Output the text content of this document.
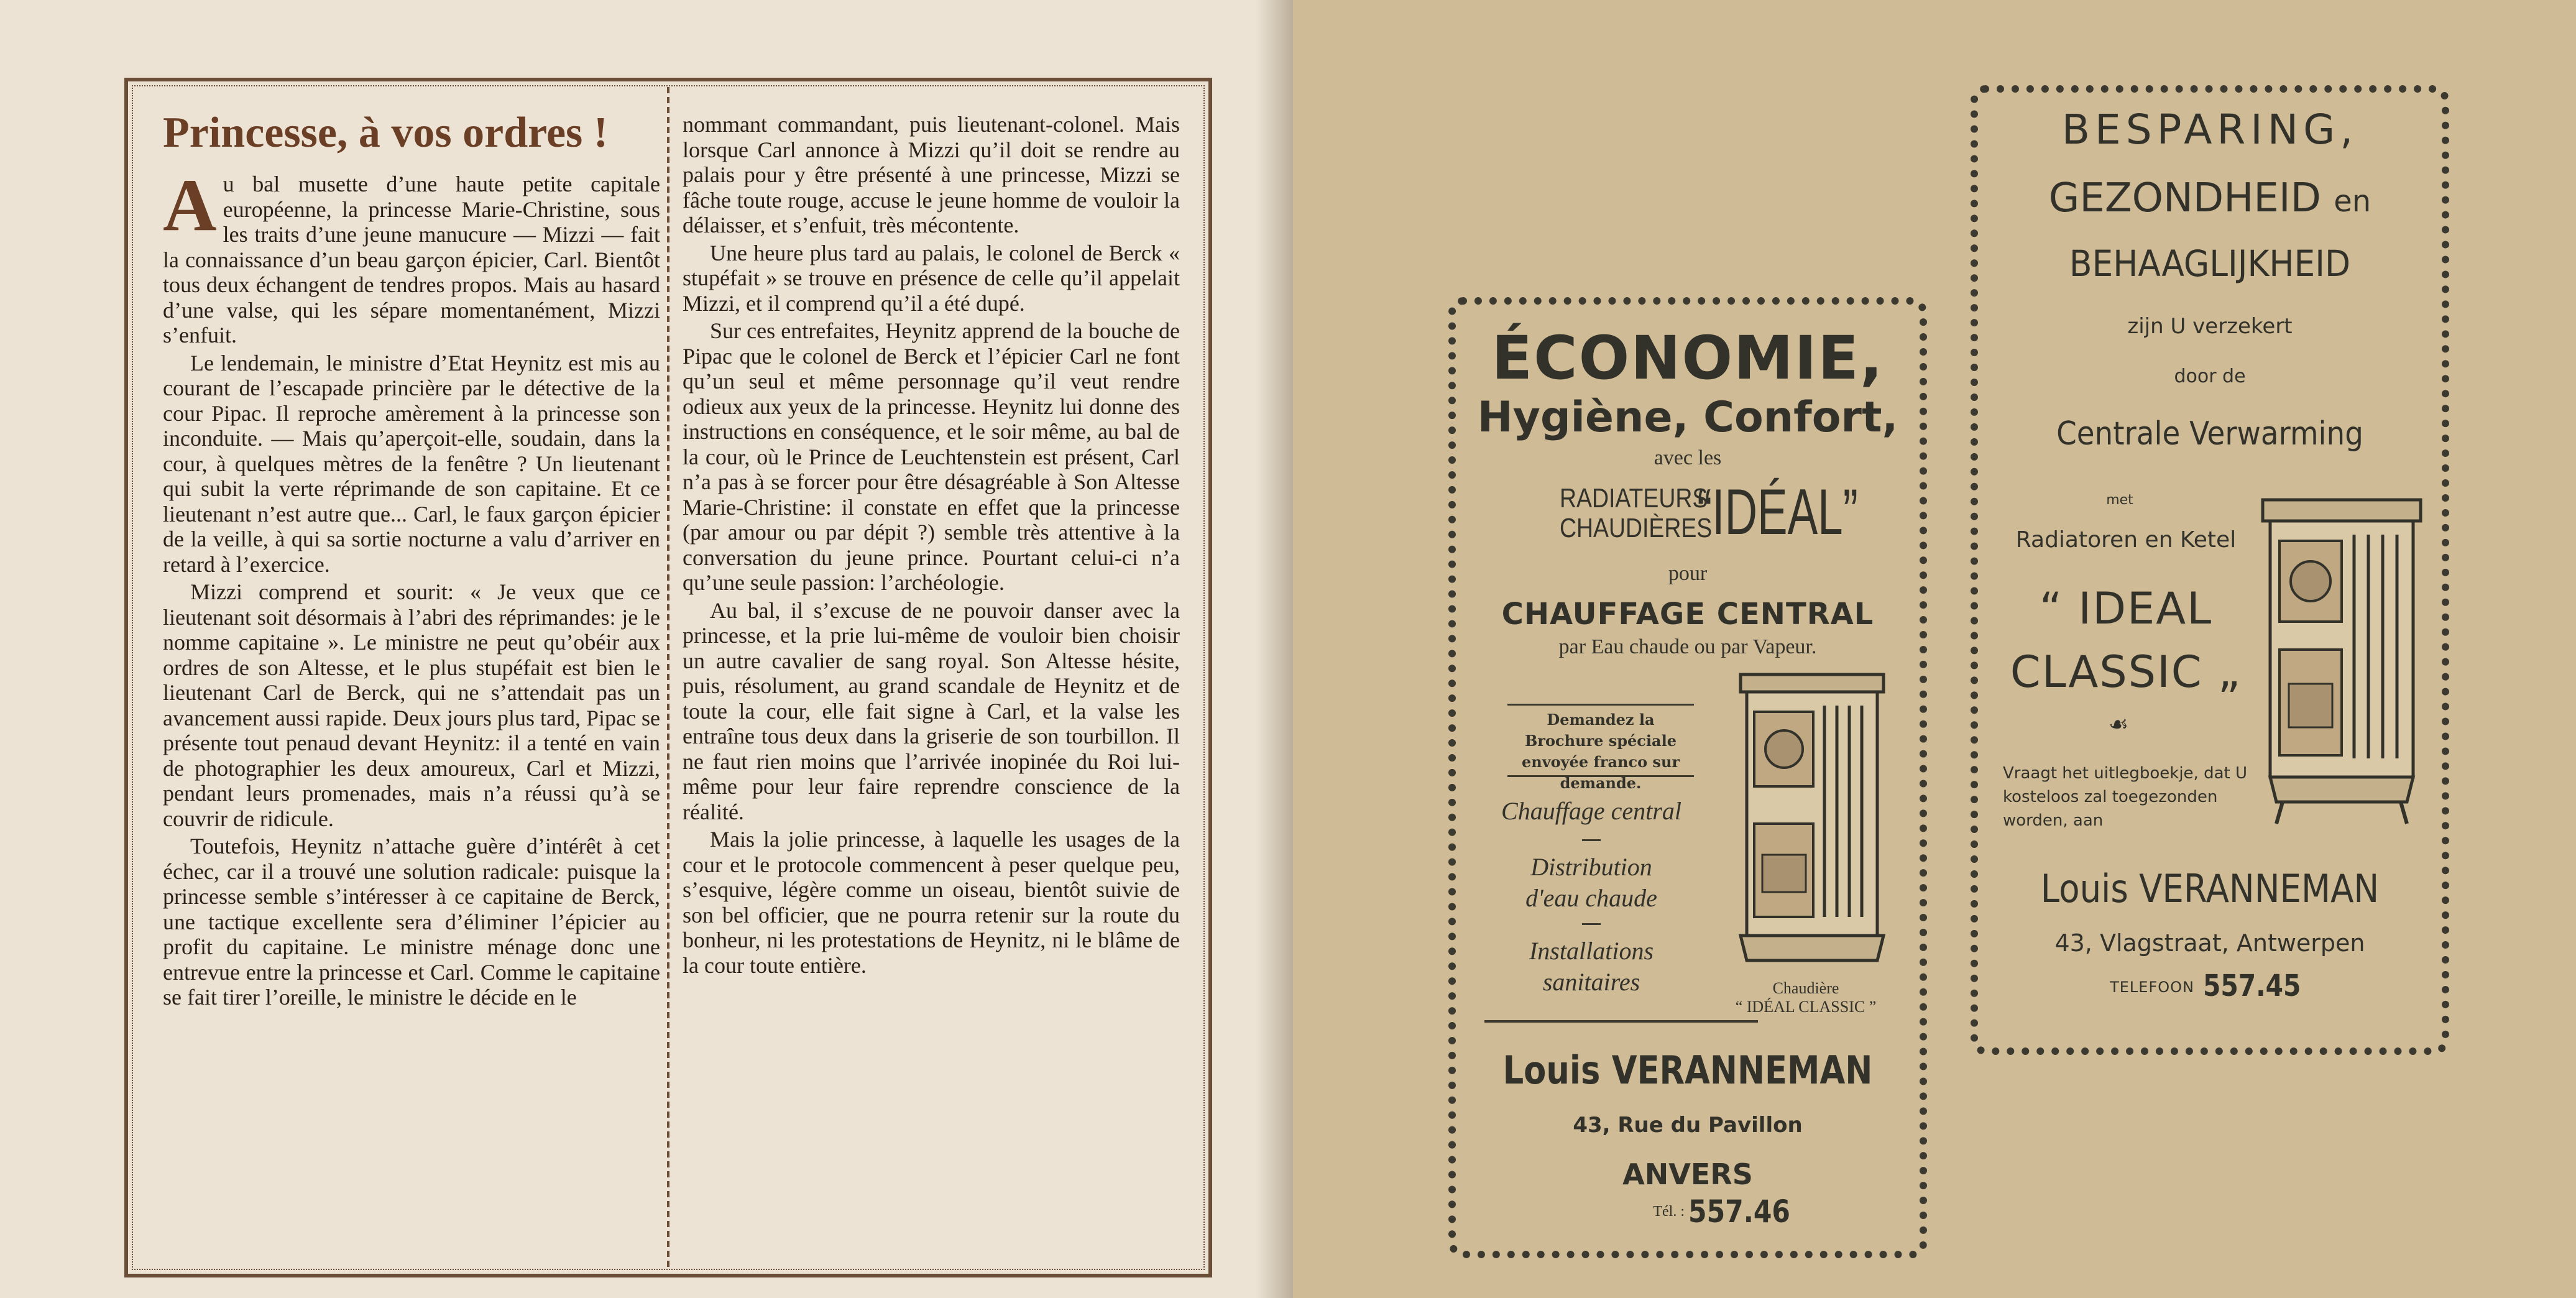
Princesse, à vos ordres !

Au bal musette d’une haute petite capitale européenne, la princesse Marie-Christine, sous les traits d’une jeune manucure — Mizzi — fait la connaissance d’un beau garçon épicier, Carl. Bientôt tous deux échangent de tendres propos. Mais au hasard d’une valse, qui les sépare momentanément, Mizzi s’enfuit.

Le lendemain, le ministre d’Etat Heynitz est mis au courant de l’escapade princière par le détective de la cour Pipac. Il reproche amèrement à la princesse son inconduite. — Mais qu’aperçoit-elle, soudain, dans la cour, à quelques mètres de la fenêtre ? Un lieutenant qui subit la verte réprimande de son capitaine. Et ce lieutenant n’est autre que... Carl, le faux garçon épicier de la veille, à qui sa sortie nocturne a valu d’arriver en retard à l’exercice.

Mizzi comprend et sourit: « Je veux que ce lieutenant soit désormais à l’abri des réprimandes: je le nomme capitaine ». Le ministre ne peut qu’obéir aux ordres de son Altesse, et le plus stupéfait est bien le lieutenant Carl de Berck, qui ne s’attendait pas un avancement aussi rapide. Deux jours plus tard, Pipac se présente tout penaud devant Heynitz: il a tenté en vain de photographier les deux amoureux, Carl et Mizzi, pendant leurs promenades, mais n’a réussi qu’à se couvrir de ridicule.

Toutefois, Heynitz n’attache guère d’intérêt à cet échec, car il a trouvé une solution radicale: puisque la princesse semble s’intéresser à ce capitaine de Berck, une tactique excellente sera d’éliminer l’épicier au profit du capitaine. Le ministre ménage donc une entrevue entre la princesse et Carl. Comme le capitaine se fait tirer l’oreille, le ministre le décide en le

nommant commandant, puis lieutenant-colonel. Mais lorsque Carl annonce à Mizzi qu’il doit se rendre au palais pour y être présenté à une princesse, Mizzi se fâche toute rouge, accuse le jeune homme de vouloir la délaisser, et s’enfuit, très mécontente.

Une heure plus tard au palais, le colonel de Berck « stupéfait » se trouve en présence de celle qu’il appelait Mizzi, et il comprend qu’il a été dupé.

Sur ces entrefaites, Heynitz apprend de la bouche de Pipac que le colonel de Berck et l’épicier Carl ne font qu’un seul et même personnage qu’il veut rendre odieux aux yeux de la princesse. Heynitz lui donne des instructions en conséquence, et le soir même, au bal de la cour, où le Prince de Leuchtenstein est présent, Carl n’a pas à se forcer pour être désagréable à Son Altesse Marie-Christine: il constate en effet que la princesse (par amour ou par dépit ?) semble très attentive à la conversation du jeune prince. Pourtant celui-ci n’a qu’une seule passion: l’archéologie.

Au bal, il s’excuse de ne pouvoir danser avec la princesse, et la prie lui-même de vouloir bien choisir un autre cavalier de sang royal. Son Altesse hésite, puis, résolument, au grand scandale de Heynitz et de toute la cour, elle fait signe à Carl, et la valse les entraîne tous deux dans la griserie de son tourbillon. Il ne faut rien moins que l’arrivée inopinée du Roi lui-même pour leur faire reprendre conscience de la réalité.

Mais la jolie princesse, à laquelle les usages de la cour et le protocole commencent à peser quelque peu, s’esquive, légère comme un oiseau, bientôt suivie de son bel officier, que ne pourra retenir sur la route du bonheur, ni les protestations de Heynitz, ni le blâme de la cour toute entière.

ÉCONOMIE,
Hygiène, Confort,
avec les
RADIATEURS
CHAUDIÈRES
“IDÉAL”
pour
CHAUFFAGE CENTRAL
par Eau chaude ou par Vapeur.
Demandez la Brochure spéciale envoyée franco sur demande.
Chauffage central
Distribution
d'eau chaude
Installations
sanitaires	Chaudière
“ IDÉAL CLASSIC ”
Louis VERANNEMAN
43, Rue du Pavillon
ANVERS
Tél. : 557.46
BESPARING,
GEZONDHEID en
BEHAAGLIJKHEID
zijn U verzekert
door de
Centrale Verwarming
met
Radiatoren en Ketel
“ IDEAL
CLASSIC „
☙
Vraagt het uitlegboekje, dat U kosteloos zal toegezonden worden, aan
Louis VERANNEMAN
43, Vlagstraat, Antwerpen
TELEFOON 557.45
